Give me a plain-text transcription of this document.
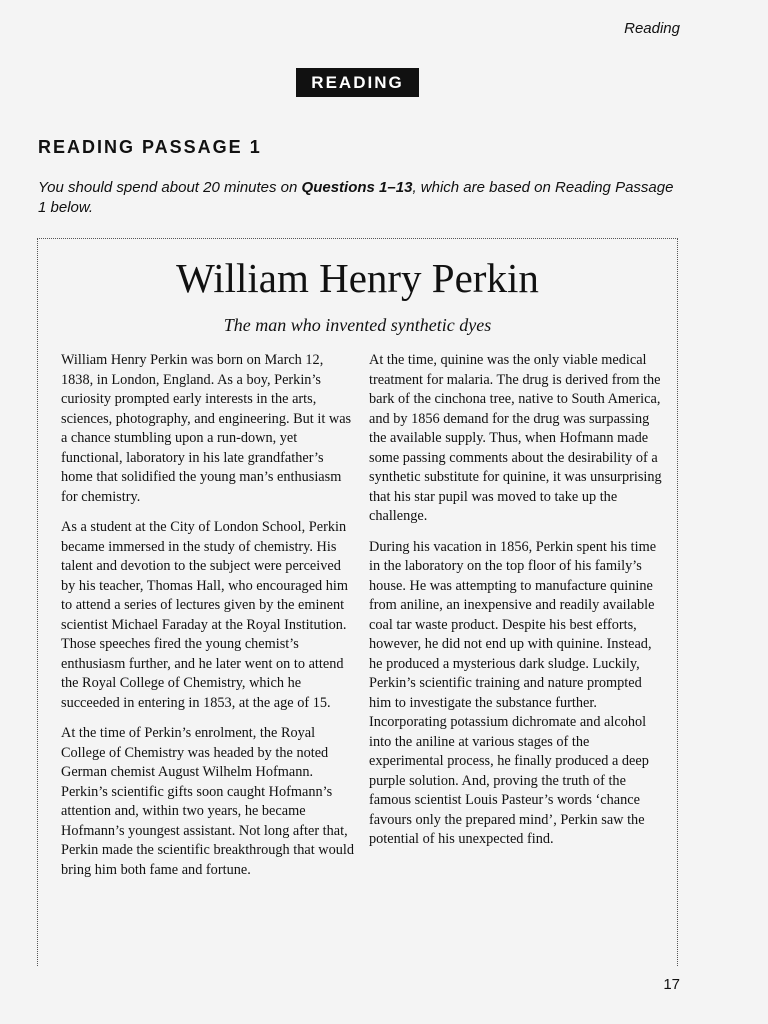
Reading
READING
READING PASSAGE 1
You should spend about 20 minutes on Questions 1–13, which are based on Reading Passage 1 below.
William Henry Perkin
The man who invented synthetic dyes

William Henry Perkin was born on March 12, 1838, in London, England. As a boy, Perkin’s curiosity prompted early interests in the arts, sciences, photography, and engineering. But it was a chance stumbling upon a run-down, yet functional, laboratory in his late grandfather’s home that solidified the young man’s enthusiasm for chemistry.

As a student at the City of London School, Perkin became immersed in the study of chemistry. His talent and devotion to the subject were perceived by his teacher, Thomas Hall, who encouraged him to attend a series of lectures given by the eminent scientist Michael Faraday at the Royal Institution. Those speeches fired the young chemist’s enthusiasm further, and he later went on to attend the Royal College of Chemistry, which he succeeded in entering in 1853, at the age of 15.

At the time of Perkin’s enrolment, the Royal College of Chemistry was headed by the noted German chemist August Wilhelm Hofmann. Perkin’s scientific gifts soon caught Hofmann’s attention and, within two years, he became Hofmann’s youngest assistant. Not long after that, Perkin made the scientific breakthrough that would bring him both fame and fortune.

At the time, quinine was the only viable medical treatment for malaria. The drug is derived from the bark of the cinchona tree, native to South America, and by 1856 demand for the drug was surpassing the available supply. Thus, when Hofmann made some passing comments about the desirability of a synthetic substitute for quinine, it was unsurprising that his star pupil was moved to take up the challenge.

During his vacation in 1856, Perkin spent his time in the laboratory on the top floor of his family’s house. He was attempting to manufacture quinine from aniline, an inexpensive and readily available coal tar waste product. Despite his best efforts, however, he did not end up with quinine. Instead, he produced a mysterious dark sludge. Luckily, Perkin’s scientific training and nature prompted him to investigate the substance further. Incorporating potassium dichromate and alcohol into the aniline at various stages of the experimental process, he finally produced a deep purple solution. And, proving the truth of the famous scientist Louis Pasteur’s words ‘chance favours only the prepared mind’, Perkin saw the potential of his unexpected find.

17
